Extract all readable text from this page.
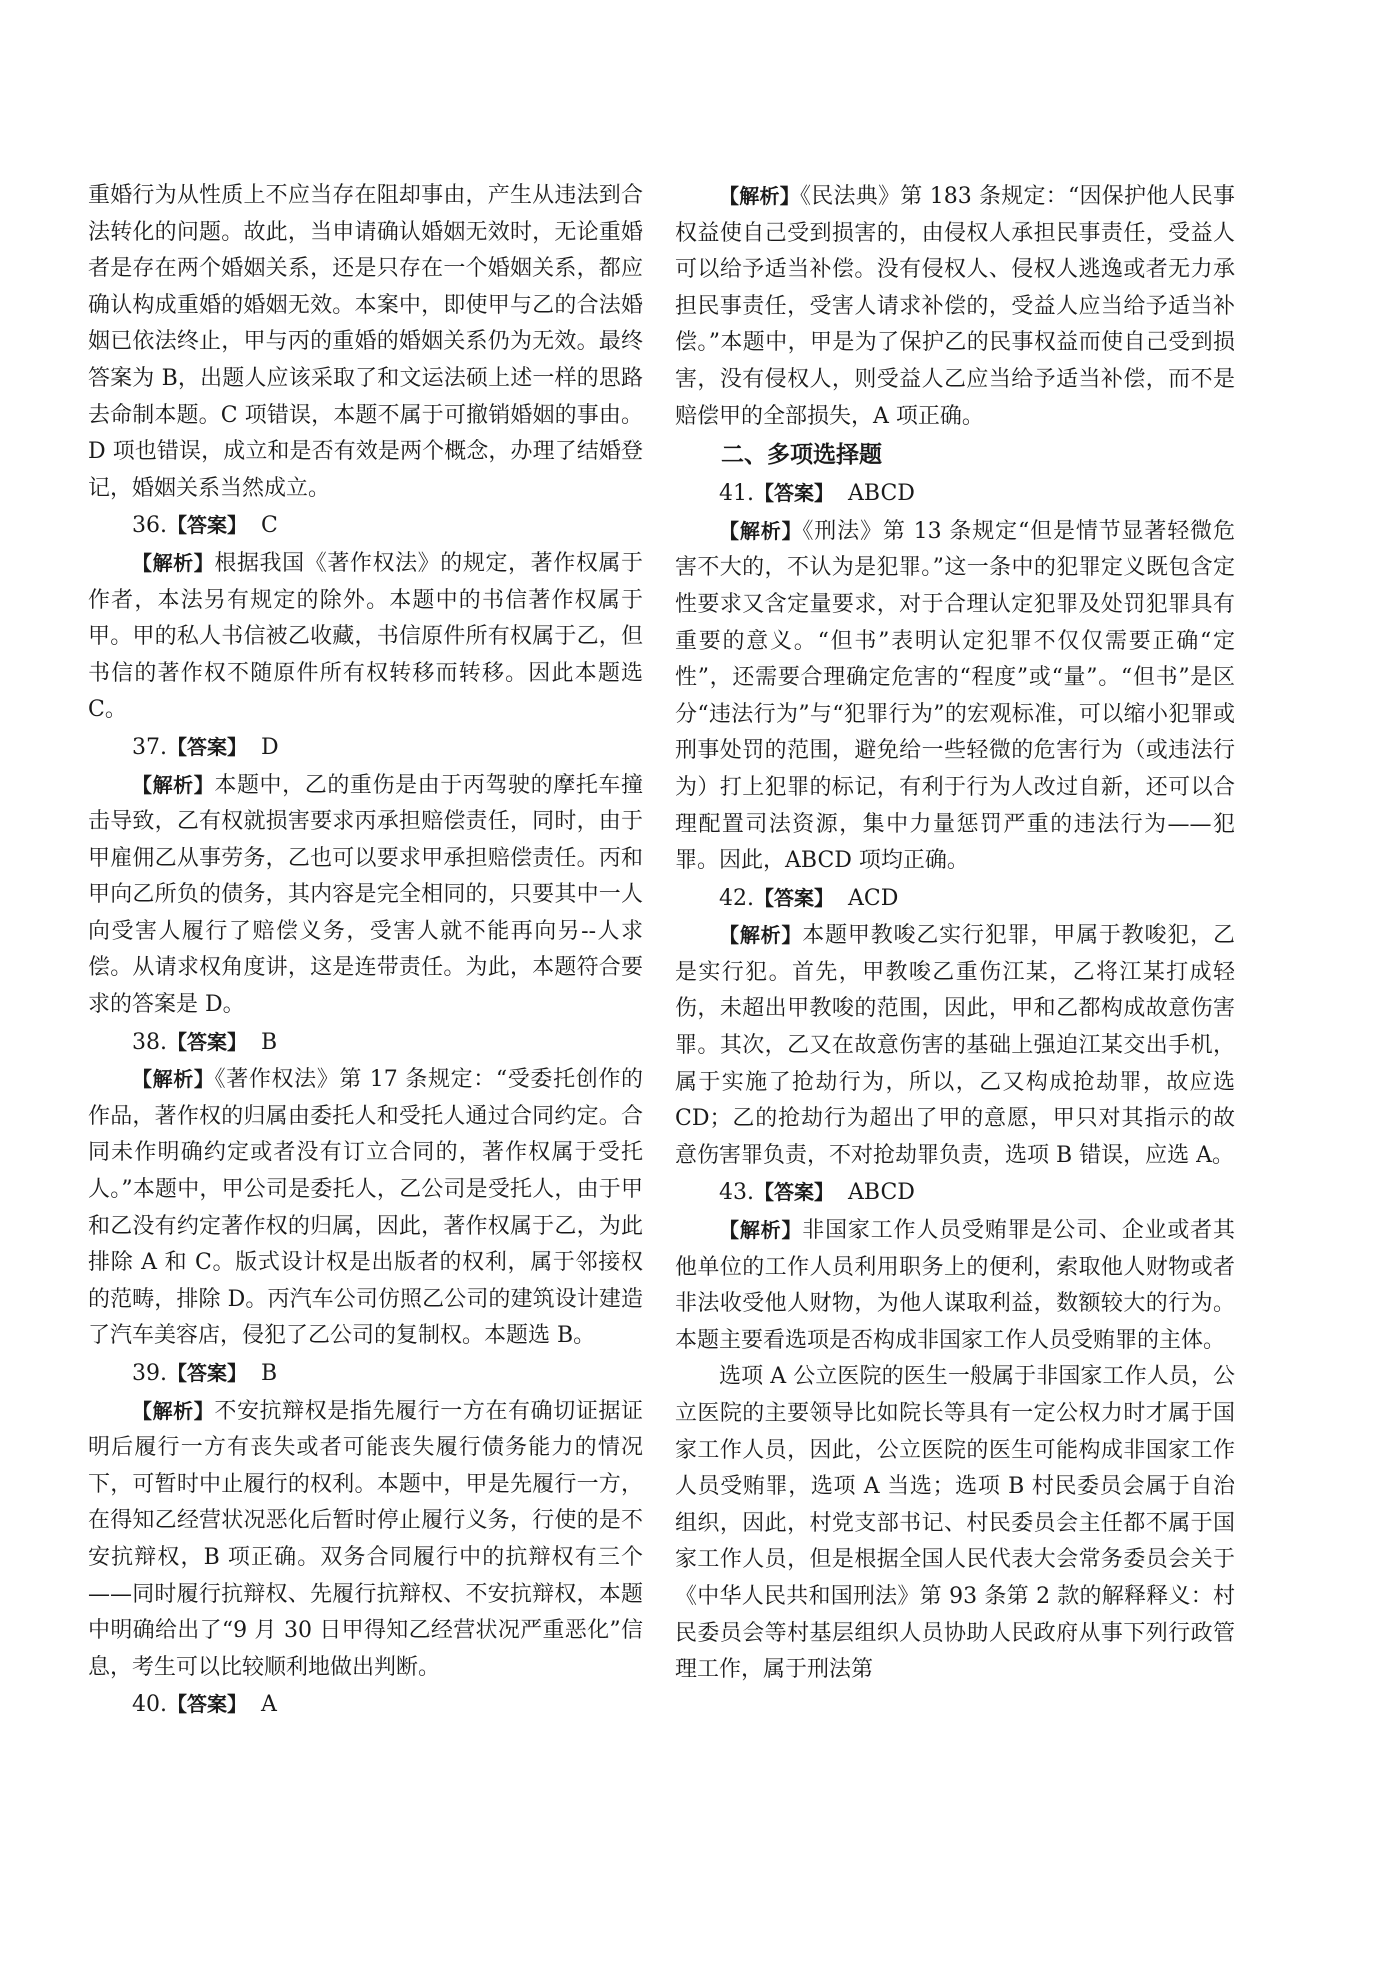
重婚行为从性质上不应当存在阻却事由，产生从违法到合法转化的问题。故此，当申请确认婚姻无效时，无论重婚者是存在两个婚姻关系，还是只存在一个婚姻关系，都应确认构成重婚的婚姻无效。本案中，即使甲与乙的合法婚姻已依法终止，甲与丙的重婚的婚姻关系仍为无效。最终答案为 B，出题人应该采取了和文运法硕上述一样的思路去命制本题。C 项错误，本题不属于可撤销婚姻的事由。D 项也错误，成立和是否有效是两个概念，办理了结婚登记，婚姻关系当然成立。

36.【答案】 C

【解析】根据我国《著作权法》的规定，著作权属于作者，本法另有规定的除外。本题中的书信著作权属于甲。甲的私人书信被乙收藏，书信原件所有权属于乙，但书信的著作权不随原件所有权转移而转移。因此本题选 C。

37.【答案】 D

【解析】本题中，乙的重伤是由于丙驾驶的摩托车撞击导致，乙有权就损害要求丙承担赔偿责任，同时，由于甲雇佣乙从事劳务，乙也可以要求甲承担赔偿责任。丙和甲向乙所负的债务，其内容是完全相同的，只要其中一人向受害人履行了赔偿义务，受害人就不能再向另--人求偿。从请求权角度讲，这是连带责任。为此，本题符合要求的答案是 D。

38.【答案】 B

【解析】《著作权法》第 17 条规定：“受委托创作的作品，著作权的归属由委托人和受托人通过合同约定。合同未作明确约定或者没有订立合同的，著作权属于受托人。”本题中，甲公司是委托人，乙公司是受托人，由于甲和乙没有约定著作权的归属，因此，著作权属于乙，为此排除 A 和 C。版式设计权是出版者的权利，属于邻接权的范畴，排除 D。丙汽车公司仿照乙公司的建筑设计建造了汽车美容店，侵犯了乙公司的复制权。本题选 B。

39.【答案】 B

【解析】不安抗辩权是指先履行一方在有确切证据证明后履行一方有丧失或者可能丧失履行债务能力的情况下，可暂时中止履行的权利。本题中，甲是先履行一方，在得知乙经营状况恶化后暂时停止履行义务，行使的是不安抗辩权，B 项正确。双务合同履行中的抗辩权有三个——同时履行抗辩权、先履行抗辩权、不安抗辩权，本题中明确给出了“9 月 30 日甲得知乙经营状况严重恶化”信息，考生可以比较顺利地做出判断。

40.【答案】 A

【解析】《民法典》第 183 条规定：“因保护他人民事权益使自己受到损害的，由侵权人承担民事责任，受益人可以给予适当补偿。没有侵权人、侵权人逃逸或者无力承担民事责任，受害人请求补偿的，受益人应当给予适当补偿。”本题中，甲是为了保护乙的民事权益而使自己受到损害，没有侵权人，则受益人乙应当给予适当补偿，而不是赔偿甲的全部损失，A 项正确。

二、多项选择题

41.【答案】 ABCD

【解析】《刑法》第 13 条规定“但是情节显著轻微危害不大的，不认为是犯罪。”这一条中的犯罪定义既包含定性要求又含定量要求，对于合理认定犯罪及处罚犯罪具有重要的意义。“但书”表明认定犯罪不仅仅需要正确“定性”，还需要合理确定危害的“程度”或“量”。“但书”是区分“违法行为”与“犯罪行为”的宏观标准，可以缩小犯罪或刑事处罚的范围，避免给一些轻微的危害行为（或违法行为）打上犯罪的标记，有利于行为人改过自新，还可以合理配置司法资源，集中力量惩罚严重的违法行为——犯罪。因此，ABCD 项均正确。

42.【答案】 ACD

【解析】本题甲教唆乙实行犯罪，甲属于教唆犯，乙是实行犯。首先，甲教唆乙重伤江某，乙将江某打成轻伤，未超出甲教唆的范围，因此，甲和乙都构成故意伤害罪。其次，乙又在故意伤害的基础上强迫江某交出手机，属于实施了抢劫行为，所以，乙又构成抢劫罪，故应选 CD；乙的抢劫行为超出了甲的意愿，甲只对其指示的故意伤害罪负责，不对抢劫罪负责，选项 B 错误，应选 A。

43.【答案】 ABCD

【解析】非国家工作人员受贿罪是公司、企业或者其他单位的工作人员利用职务上的便利，索取他人财物或者非法收受他人财物，为他人谋取利益，数额较大的行为。本题主要看选项是否构成非国家工作人员受贿罪的主体。

选项 A 公立医院的医生一般属于非国家工作人员，公立医院的主要领导比如院长等具有一定公权力时才属于国家工作人员，因此，公立医院的医生可能构成非国家工作人员受贿罪，选项 A 当选；选项 B 村民委员会属于自治组织，因此，村党支部书记、村民委员会主任都不属于国家工作人员，但是根据全国人民代表大会常务委员会关于《中华人民共和国刑法》第 93 条第 2 款的解释释义：村民委员会等村基层组织人员协助人民政府从事下列行政管理工作，属于刑法第
